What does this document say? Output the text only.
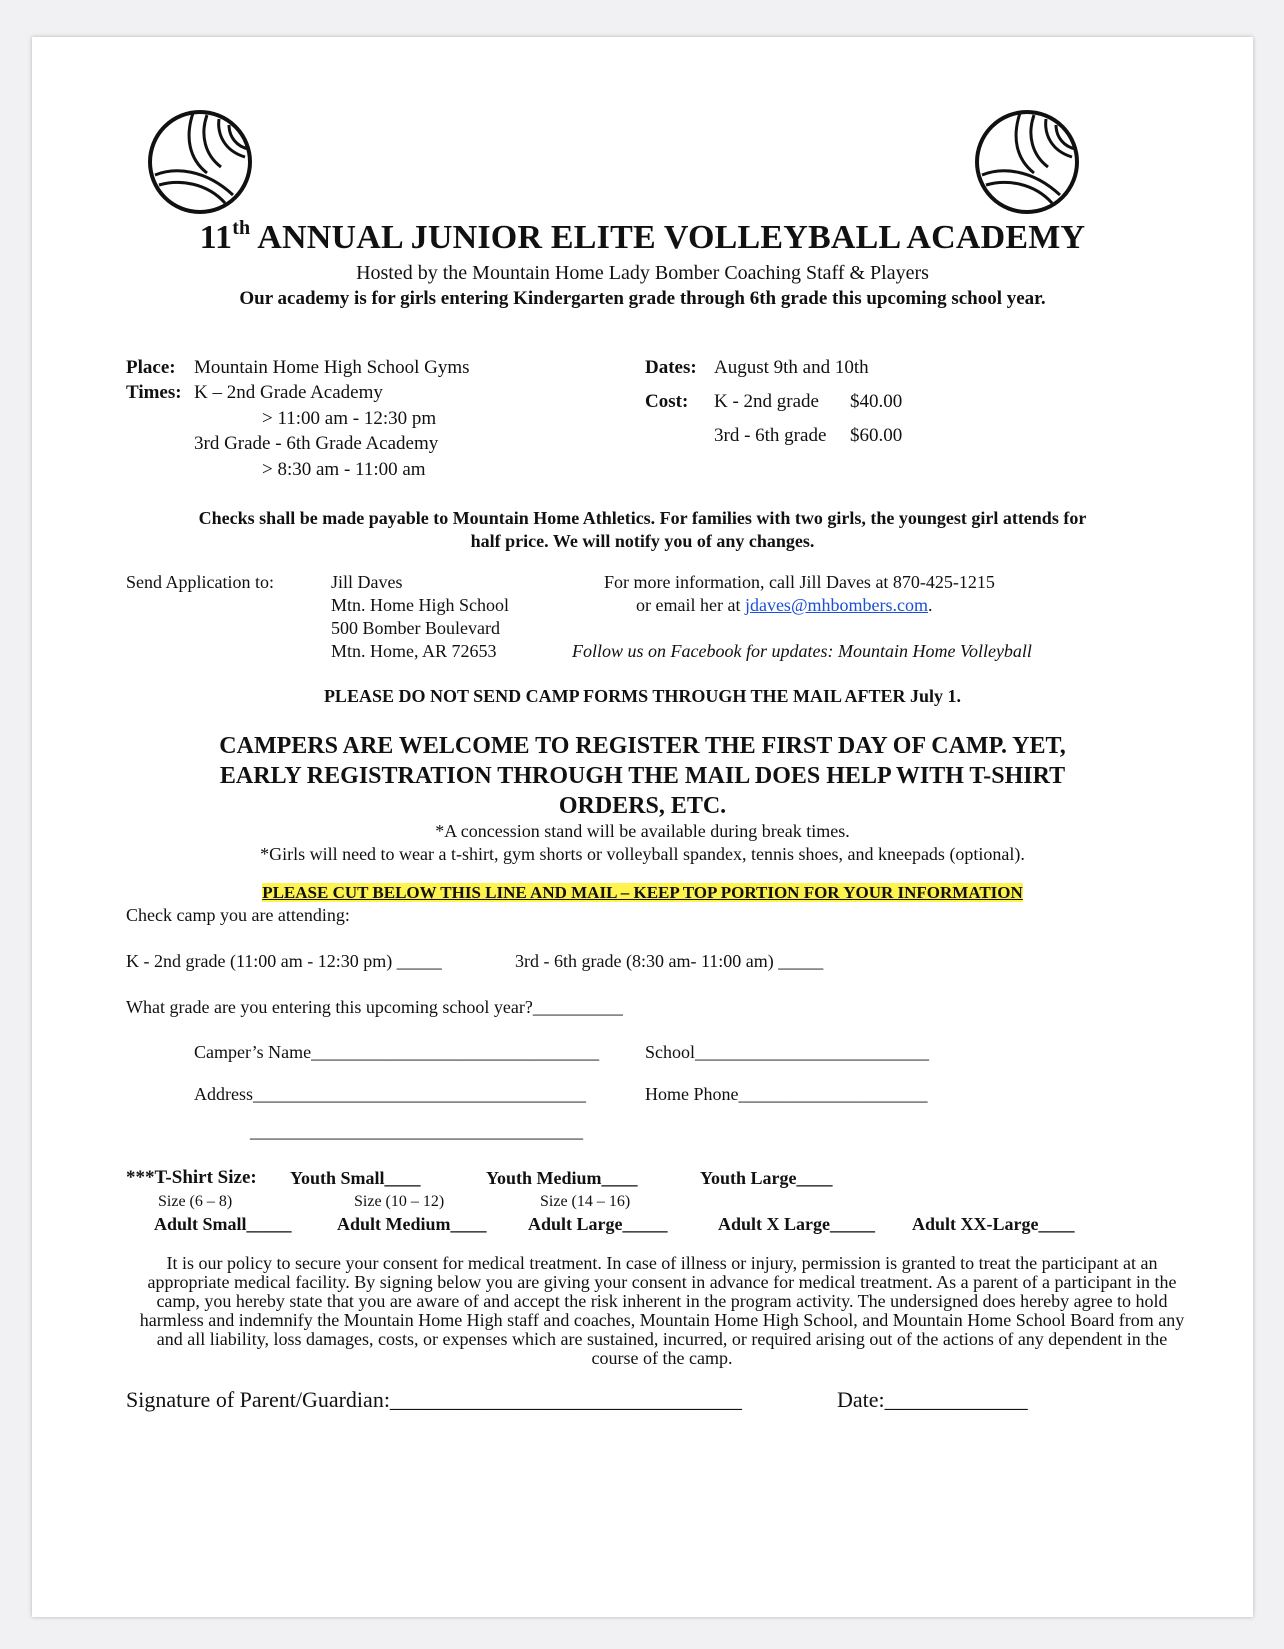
11th ANNUAL JUNIOR ELITE VOLLEYBALL ACADEMY
Hosted by the Mountain Home Lady Bomber Coaching Staff & Players
Our academy is for girls entering Kindergarten grade through 6th grade this upcoming school year.
Place: Mountain Home High School Gyms
Times: K – 2nd Grade Academy
> 11:00 am - 12:30 pm
3rd Grade - 6th Grade Academy
> 8:30 am - 11:00 am
Dates: August 9th and 10th
Cost: K - 2nd grade $40.00
3rd - 6th grade $60.00
Checks shall be made payable to Mountain Home Athletics. For families with two girls, the youngest girl attends for
half price. We will notify you of any changes.
Send Application to:	Jill Daves
Mtn. Home High School
500 Bomber Boulevard
Mtn. Home, AR 72653
For more information, call Jill Daves at 870-425-1215
or email her at jdaves@mhbombers.com.
Follow us on Facebook for updates: Mountain Home Volleyball
PLEASE DO NOT SEND CAMP FORMS THROUGH THE MAIL AFTER July 1.
CAMPERS ARE WELCOME TO REGISTER THE FIRST DAY OF CAMP. YET,
EARLY REGISTRATION THROUGH THE MAIL DOES HELP WITH T-SHIRT
ORDERS, ETC.
*A concession stand will be available during break times.
*Girls will need to wear a t-shirt, gym shorts or volleyball spandex, tennis shoes, and kneepads (optional).
PLEASE CUT BELOW THIS LINE AND MAIL – KEEP TOP PORTION FOR YOUR INFORMATION
Check camp you are attending:
K - 2nd grade (11:00 am - 12:30 pm) _____	3rd - 6th grade (8:30 am- 11:00 am) _____
What grade are you entering this upcoming school year?__________
Camper’s Name________________________________	School__________________________
Address_____________________________________	Home Phone_____________________
_____________________________________
***T-Shirt Size: Youth Small____	Youth Medium____	Youth Large____
Size (6 – 8)	Size (10 – 12)	Size (14 – 16)
Adult Small_____	Adult Medium____ Adult Large_____	Adult X Large_____ Adult XX-Large____
It is our policy to secure your consent for medical treatment. In case of illness or injury, permission is granted to treat the participant at an appropriate medical facility. By signing below you are giving your consent in advance for medical treatment. As a parent of a participant in the camp, you hereby state that you are aware of and accept the risk inherent in the program activity. The undersigned does hereby agree to hold harmless and indemnify the Mountain Home High staff and coaches, Mountain Home High School, and Mountain Home School Board from any and all liability, loss damages, costs, or expenses which are sustained, incurred, or required arising out of the actions of any dependent in the course of the camp.
Signature of Parent/Guardian:________________________________	Date:_____________
